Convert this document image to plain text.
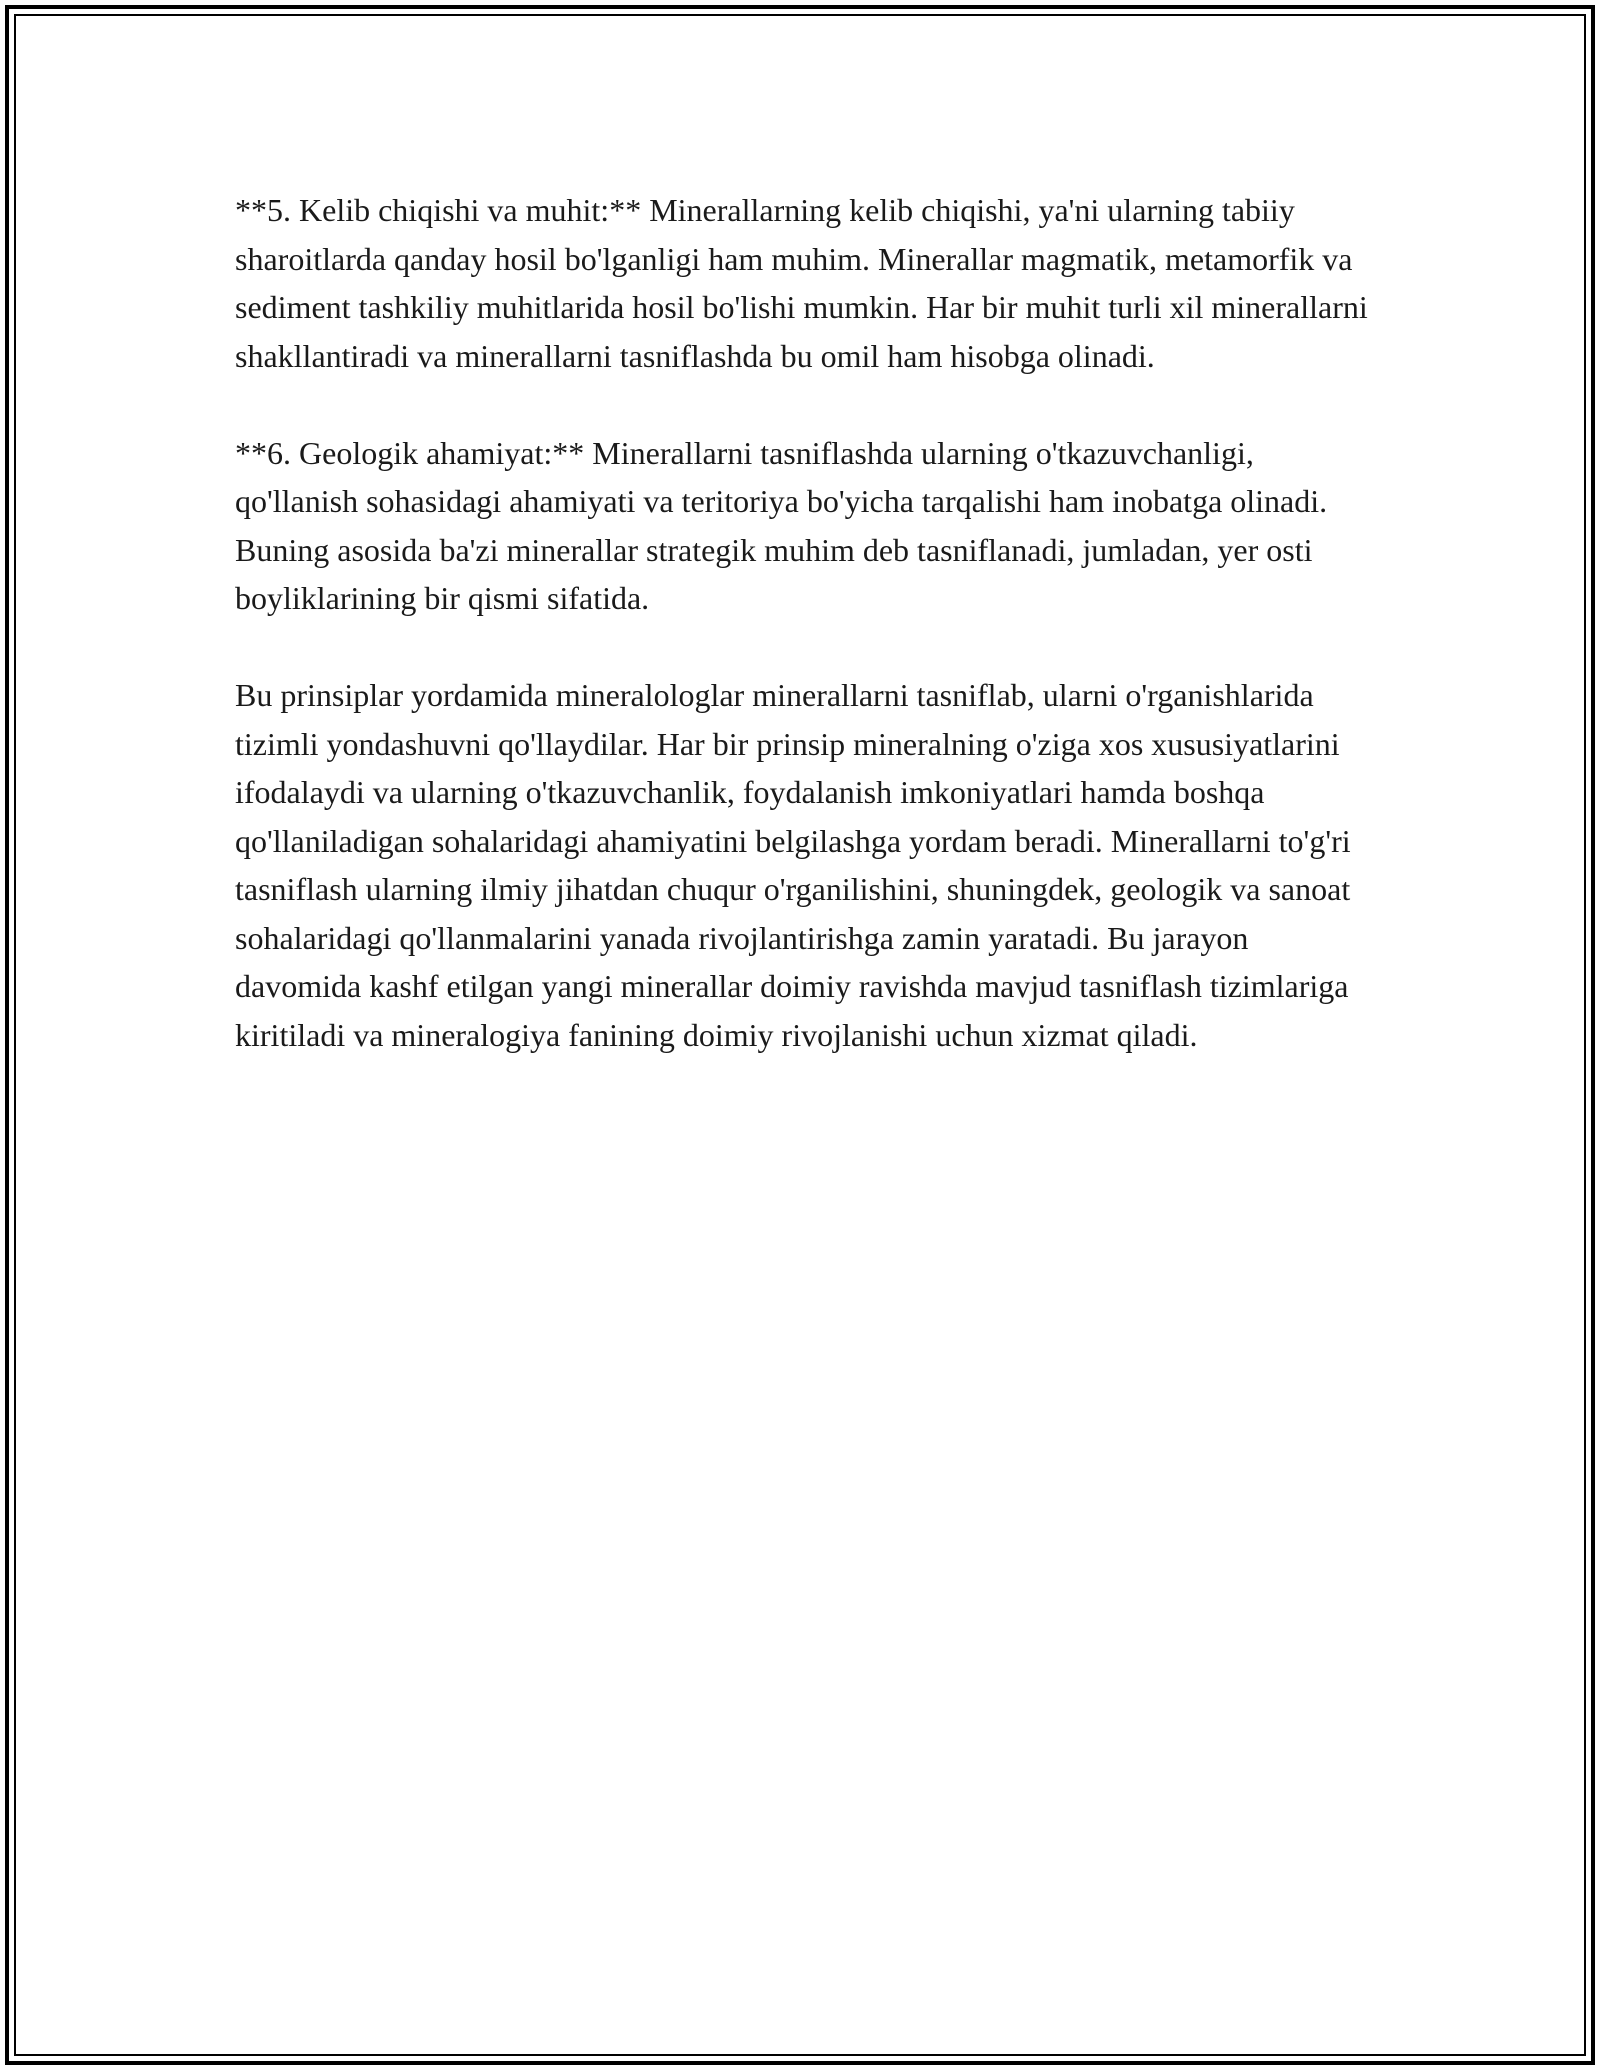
**5. Kelib chiqishi va muhit:** Minerallarning kelib chiqishi, ya'ni ularning tabiiy sharoitlarda qanday hosil bo'lganligi ham muhim. Minerallar magmatik, metamorfik va sediment tashkiliy muhitlarida hosil bo'lishi mumkin. Har bir muhit turli xil minerallarni shakllantiradi va minerallarni tasniflashda bu omil ham hisobga olinadi.

**6. Geologik ahamiyat:** Minerallarni tasniflashda ularning o'tkazuvchanligi, qo'llanish sohasidagi ahamiyati va teritoriya bo'yicha tarqalishi ham inobatga olinadi. Buning asosida ba'zi minerallar strategik muhim deb tasniflanadi, jumladan, yer osti boyliklarining bir qismi sifatida.

Bu prinsiplar yordamida mineralologlar minerallarni tasniflab, ularni o'rganishlarida tizimli yondashuvni qo'llaydilar. Har bir prinsip mineralning o'ziga xos xususiyatlarini ifodalaydi va ularning o'tkazuvchanlik, foydalanish imkoniyatlari hamda boshqa qo'llaniladigan sohalaridagi ahamiyatini belgilashga yordam beradi. Minerallarni to'g'ri tasniflash ularning ilmiy jihatdan chuqur o'rganilishini, shuningdek, geologik va sanoat sohalaridagi qo'llanmalarini yanada rivojlantirishga zamin yaratadi. Bu jarayon davomida kashf etilgan yangi minerallar doimiy ravishda mavjud tasniflash tizimlariga kiritiladi va mineralogiya fanining doimiy rivojlanishi uchun xizmat qiladi.
